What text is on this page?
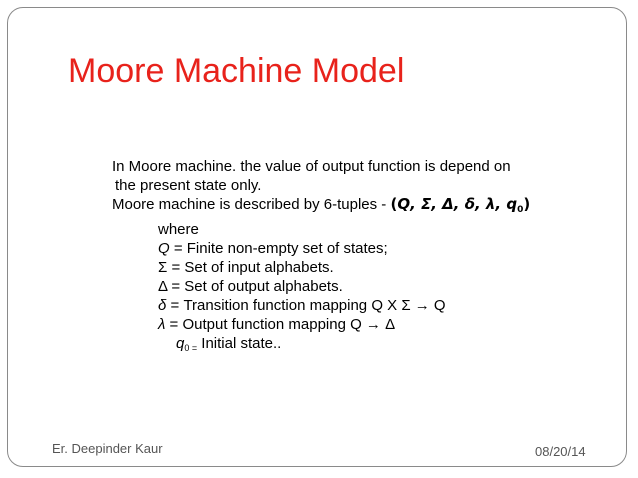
Moore Machine Model
In Moore machine. the value of output function is depend on
the present state only.
Moore machine is described by 6-tuples - (Q, Σ, Δ, δ, λ, $q_0$)
where
Q = Finite non-empty set of states;
Σ = Set of input alphabets.
Δ = Set of output alphabets.
δ = Transition function mapping Q X Σ → Q
λ = Output function mapping Q → Δ
$q_{0 =}$ Initial state..
Er. Deepinder Kaur	08/20/14
